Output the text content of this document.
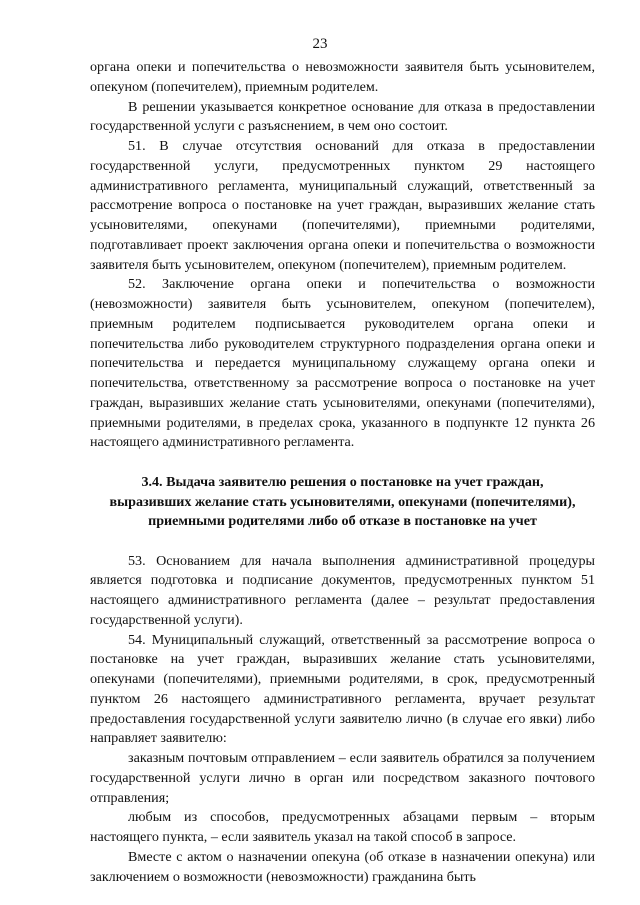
23

органа опеки и попечительства о невозможности заявителя быть усыновителем, опекуном (попечителем), приемным родителем.

В решении указывается конкретное основание для отказа в предоставлении государственной услуги с разъяснением, в чем оно состоит.

51. В случае отсутствия оснований для отказа в предоставлении государственной услуги, предусмотренных пунктом 29 настоящего административного регламента, муниципальный служащий, ответственный за рассмотрение вопроса о постановке на учет граждан, выразивших желание стать усыновителями, опекунами (попечителями), приемными родителями, подготавливает проект заключения органа опеки и попечительства о возможности заявителя быть усыновителем, опекуном (попечителем), приемным родителем.

52. Заключение органа опеки и попечительства о возможности (невозможности) заявителя быть усыновителем, опекуном (попечителем), приемным родителем подписывается руководителем органа опеки и попечительства либо руководителем структурного подразделения органа опеки и попечительства и передается муниципальному служащему органа опеки и попечительства, ответственному за рассмотрение вопроса о постановке на учет граждан, выразивших желание стать усыновителями, опекунами (попечителями), приемными родителями, в пределах срока, указанного в подпункте 12 пункта 26 настоящего административного регламента.

3.4. Выдача заявителю решения о постановке на учет граждан,
выразивших желание стать усыновителями, опекунами (попечителями),
приемными родителями либо об отказе в постановке на учет

53. Основанием для начала выполнения административной процедуры является подготовка и подписание документов, предусмотренных пунктом 51 настоящего административного регламента (далее – результат предоставления государственной услуги).

54. Муниципальный служащий, ответственный за рассмотрение вопроса о постановке на учет граждан, выразивших желание стать усыновителями, опекунами (попечителями), приемными родителями, в срок, предусмотренный пунктом 26 настоящего административного регламента, вручает результат предоставления государственной услуги заявителю лично (в случае его явки) либо направляет заявителю:

заказным почтовым отправлением – если заявитель обратился за получением государственной услуги лично в орган или посредством заказного почтового отправления;

любым из способов, предусмотренных абзацами первым – вторым настоящего пункта, – если заявитель указал на такой способ в запросе.

Вместе с актом о назначении опекуна (об отказе в назначении опекуна) или заключением о возможности (невозможности) гражданина быть
